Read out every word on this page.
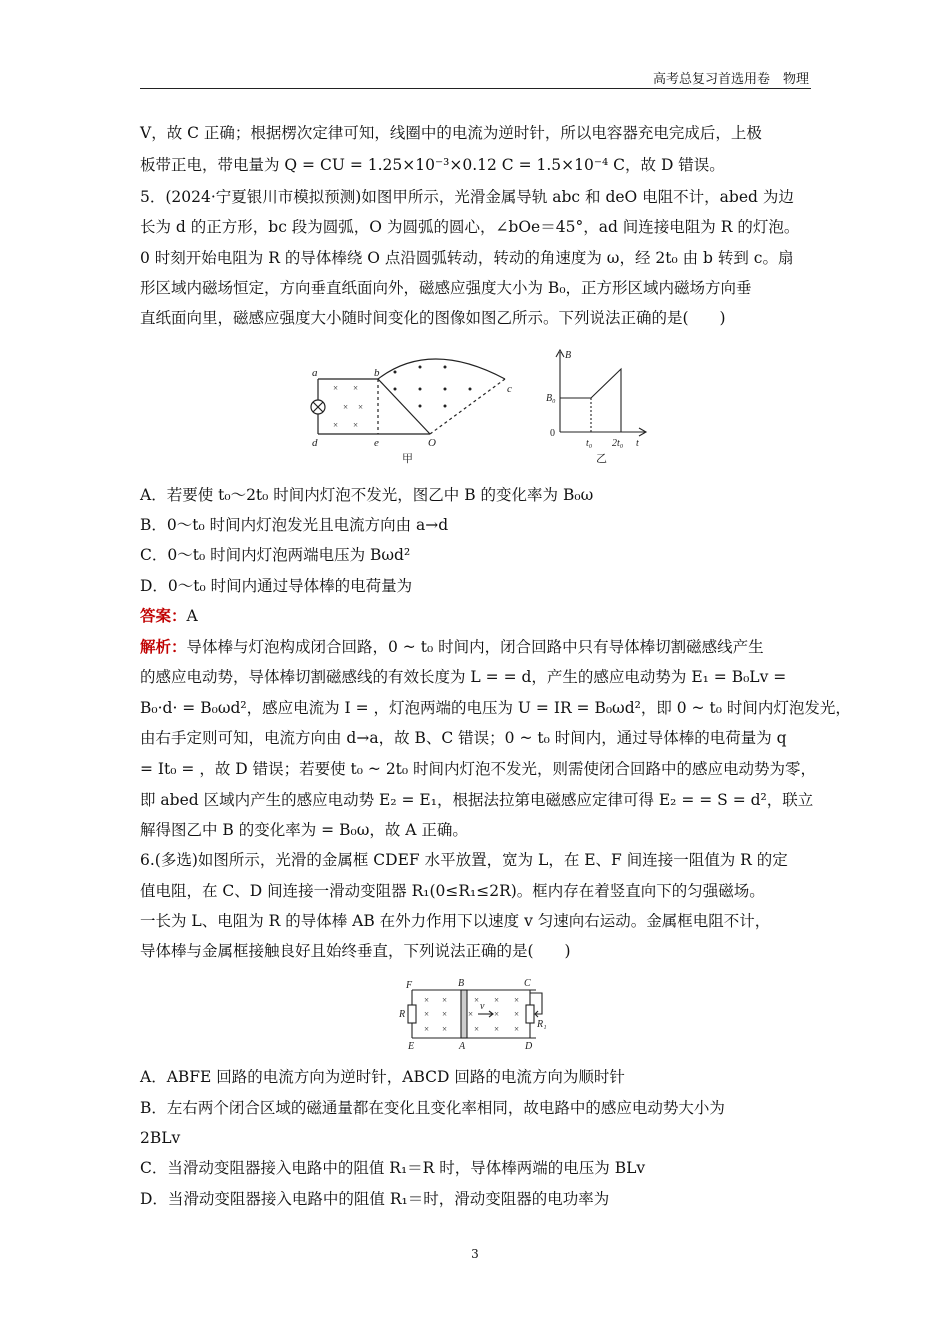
高考总复习首选用卷　物理

V，故 C 正确；根据楞次定律可知，线圈中的电流为逆时针，所以电容器充电完成后，上极

板带正电，带电量为 Q = CU = 1.25×10⁻³×0.12 C = 1.5×10⁻⁴ C，故 D 错误。

5．(2024·宁夏银川市模拟预测)如图甲所示，光滑金属导轨 abc 和 deO 电阻不计，abed 为边

长为 d 的正方形，bc 段为圆弧，O 为圆弧的圆心，∠bOe＝45°，ad 间连接电阻为 R 的灯泡。

0 时刻开始电阻为 R 的导体棒绕 O 点沿圆弧转动，转动的角速度为 ω，经 2t₀ 由 b 转到 c。扇

形区域内磁场恒定，方向垂直纸面向外，磁感应强度大小为 B₀，正方形区域内磁场方向垂

直纸面向里，磁感应强度大小随时间变化的图像如图乙所示。下列说法正确的是(　　)

× ×
× ×
× ×
a	b
c
d	e	O
甲
B
B₀
0
t₀ 2t₀ t
乙

A．若要使 t₀～2t₀ 时间内灯泡不发光，图乙中 B 的变化率为 B₀ω

B．0～t₀ 时间内灯泡发光且电流方向由 a→d

C．0～t₀ 时间内灯泡两端电压为 Bωd²

D．0～t₀ 时间内通过导体棒的电荷量为

答案：A

解析：导体棒与灯泡构成闭合回路，0 ~ t₀ 时间内，闭合回路中只有导体棒切割磁感线产生

的感应电动势，导体棒切割磁感线的有效长度为 L = = d，产生的感应电动势为 E₁ = B₀Lv =

B₀·d· = B₀ωd²，感应电流为 I = ，灯泡两端的电压为 U = IR = B₀ωd²，即 0 ~ t₀ 时间内灯泡发光，

由右手定则可知，电流方向由 d→a，故 B、C 错误；0 ~ t₀ 时间内，通过导体棒的电荷量为 q

= It₀ = ，故 D 错误；若要使 t₀ ~ 2t₀ 时间内灯泡不发光，则需使闭合回路中的感应电动势为零，

即 abed 区域内产生的感应电动势 E₂ = E₁，根据法拉第电磁感应定律可得 E₂ = = S = d²，联立

解得图乙中 B 的变化率为 = B₀ω，故 A 正确。

6.(多选)如图所示，光滑的金属框 CDEF 水平放置，宽为 L，在 E、F 间连接一阻值为 R 的定

值电阻，在 C、D 间连接一滑动变阻器 R₁(0≤R₁≤2R)。框内存在着竖直向下的匀强磁场。

一长为 L、电阻为 R 的导体棒 AB 在外力作用下以速度 v 匀速向右运动。金属框电阻不计，

导体棒与金属框接触良好且始终垂直，下列说法正确的是(　　)

× ×	× × ×
× × × × ×
× ×	× × ×
F	B	C
E	A	D
R
R₁
v

A．ABFE 回路的电流方向为逆时针，ABCD 回路的电流方向为顺时针

B．左右两个闭合区域的磁通量都在变化且变化率相同，故电路中的感应电动势大小为

2BLv

C．当滑动变阻器接入电路中的阻值 R₁＝R 时，导体棒两端的电压为 BLv

D．当滑动变阻器接入电路中的阻值 R₁＝时，滑动变阻器的电功率为

3
